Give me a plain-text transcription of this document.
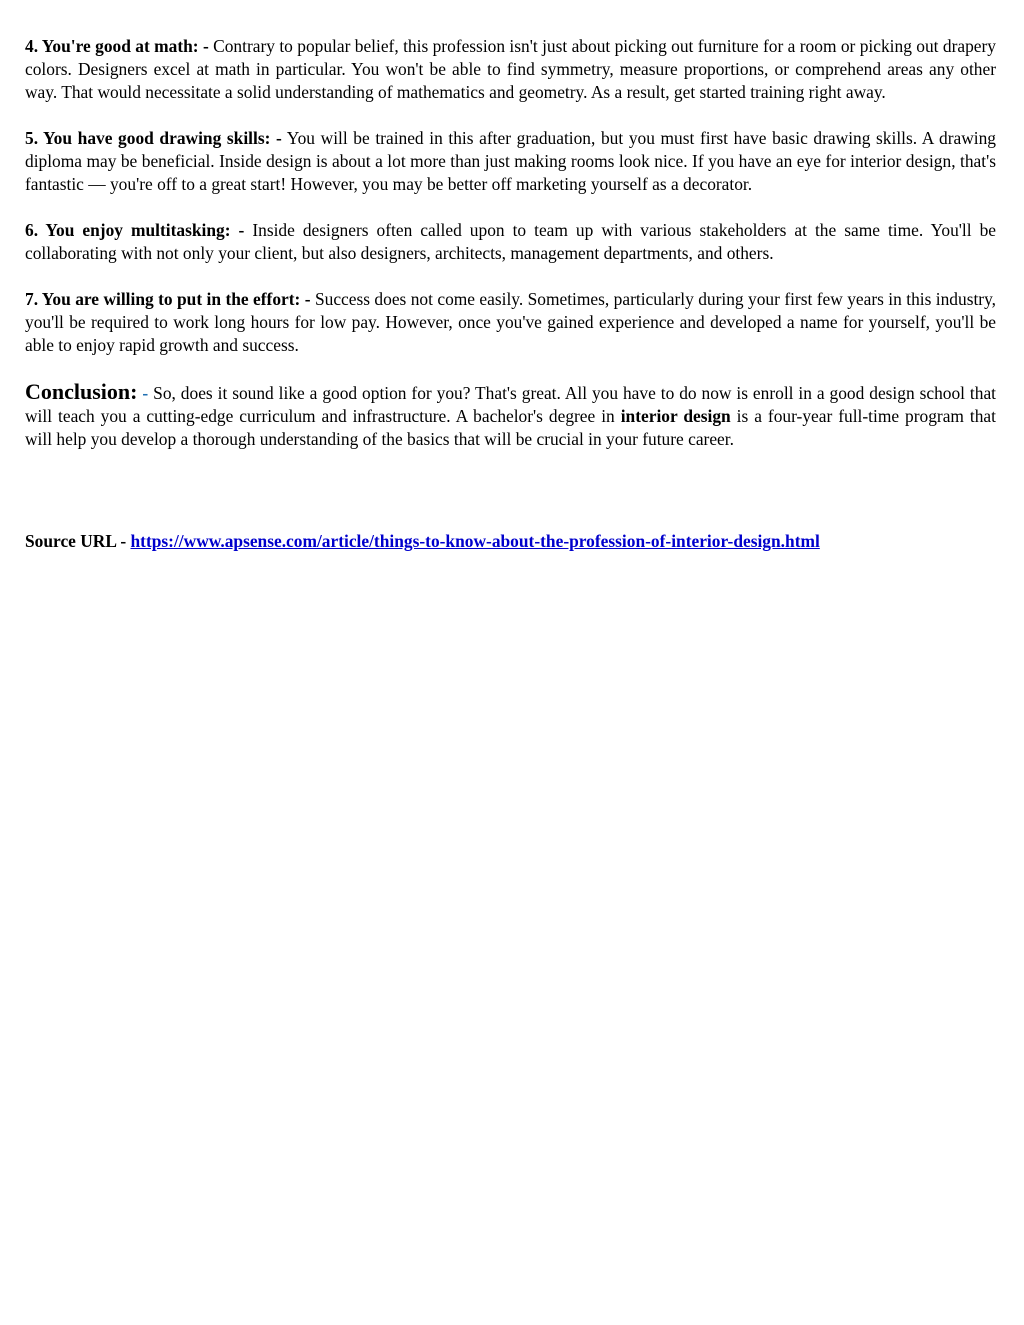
4. You're good at math: - Contrary to popular belief, this profession isn't just about picking out furniture for a room or picking out drapery colors. Designers excel at math in particular. You won't be able to find symmetry, measure proportions, or comprehend areas any other way. That would necessitate a solid understanding of mathematics and geometry. As a result, get started training right away.

5. You have good drawing skills: - You will be trained in this after graduation, but you must first have basic drawing skills. A drawing diploma may be beneficial. Inside design is about a lot more than just making rooms look nice. If you have an eye for interior design, that's fantastic — you're off to a great start! However, you may be better off marketing yourself as a decorator.

6. You enjoy multitasking: - Inside designers often called upon to team up with various stakeholders at the same time. You'll be collaborating with not only your client, but also designers, architects, management departments, and others.

7. You are willing to put in the effort: - Success does not come easily. Sometimes, particularly during your first few years in this industry, you'll be required to work long hours for low pay. However, once you've gained experience and developed a name for yourself, you'll be able to enjoy rapid growth and success.

Conclusion: - So, does it sound like a good option for you? That's great. All you have to do now is enroll in a good design school that will teach you a cutting-edge curriculum and infrastructure. A bachelor's degree in interior design is a four-year full-time program that will help you develop a thorough understanding of the basics that will be crucial in your future career.

Source URL - https://www.apsense.com/article/things-to-know-about-the-profession-of-interior-design.html
